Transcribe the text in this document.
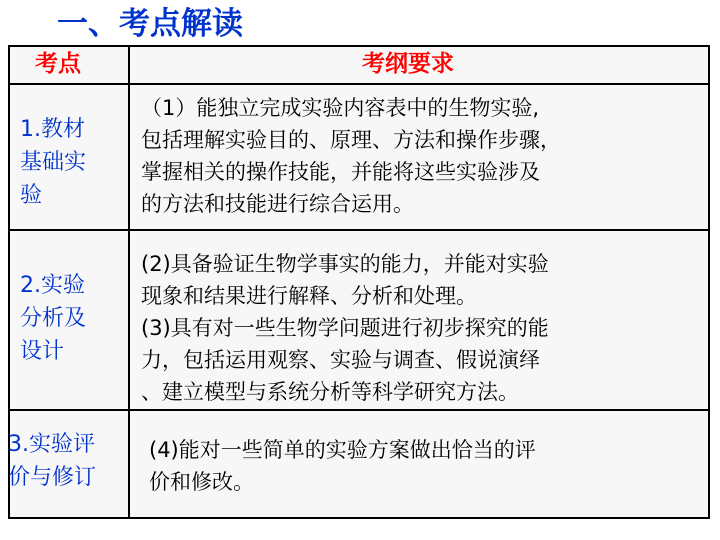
一、考点解读
考点	考纲要求
1.教材
基础实
验
（1）能独立完成实验内容表中的生物实验,
包括理解实验目的、原理、方法和操作步骤，
掌握相关的操作技能，并能将这些实验涉及
的方法和技能进行综合运用。
2.实验
分析及
设计
(2)具备验证生物学事实的能力，并能对实验
现象和结果进行解释、分析和处理。
(3)具有对一些生物学问题进行初步探究的能
力，包括运用观察、实验与调查、假说演绎
、建立模型与系统分析等科学研究方法。
3.实验评
价与修订
(4)能对一些简单的实验方案做出恰当的评
价和修改。
